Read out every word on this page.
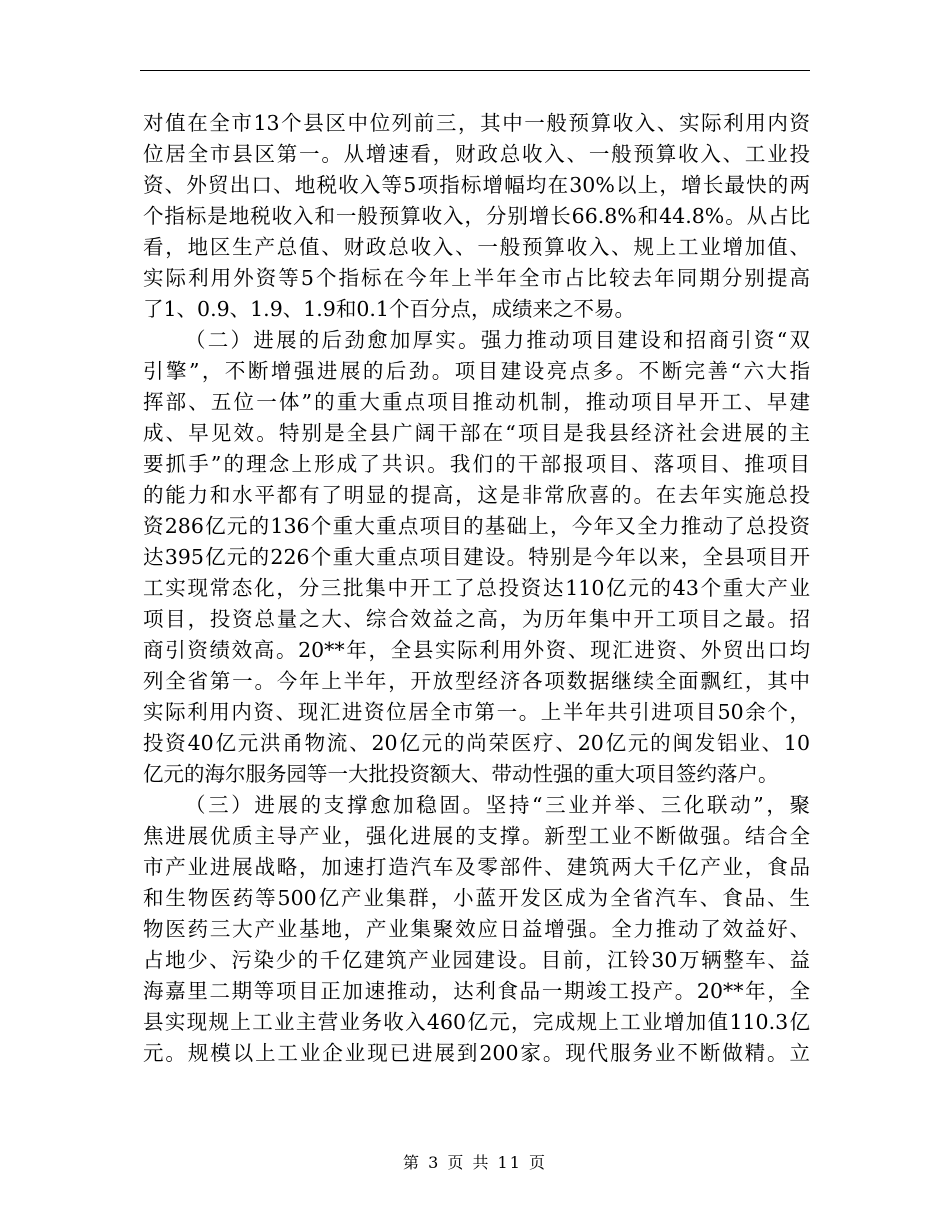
对值在全市13个县区中位列前三，其中一般预算收入、实际利用内资
位居全市县区第一。从增速看，财政总收入、一般预算收入、工业投
资、外贸出口、地税收入等5项指标增幅均在30%以上，增长最快的两
个指标是地税收入和一般预算收入，分别增长66.8%和44.8%。从占比
看，地区生产总值、财政总收入、一般预算收入、规上工业增加值、
实际利用外资等5个指标在今年上半年全市占比较去年同期分别提高
了1、0.9、1.9、1.9和0.1个百分点，成绩来之不易。
（二）进展的后劲愈加厚实。强力推动项目建设和招商引资“双
引擎”，不断增强进展的后劲。项目建设亮点多。不断完善“六大指
挥部、五位一体”的重大重点项目推动机制，推动项目早开工、早建
成、早见效。特别是全县广阔干部在“项目是我县经济社会进展的主
要抓手”的理念上形成了共识。我们的干部报项目、落项目、推项目
的能力和水平都有了明显的提高，这是非常欣喜的。在去年实施总投
资286亿元的136个重大重点项目的基础上，今年又全力推动了总投资
达395亿元的226个重大重点项目建设。特别是今年以来，全县项目开
工实现常态化，分三批集中开工了总投资达110亿元的43个重大产业
项目，投资总量之大、综合效益之高，为历年集中开工项目之最。招
商引资绩效高。20**年，全县实际利用外资、现汇进资、外贸出口均
列全省第一。今年上半年，开放型经济各项数据继续全面飘红，其中
实际利用内资、现汇进资位居全市第一。上半年共引进项目50余个，
投资40亿元洪甬物流、20亿元的尚荣医疗、20亿元的闽发铝业、10
亿元的海尔服务园等一大批投资额大、带动性强的重大项目签约落户。
（三）进展的支撑愈加稳固。坚持“三业并举、三化联动”，聚
焦进展优质主导产业，强化进展的支撑。新型工业不断做强。结合全
市产业进展战略，加速打造汽车及零部件、建筑两大千亿产业，食品
和生物医药等500亿产业集群，小蓝开发区成为全省汽车、食品、生
物医药三大产业基地，产业集聚效应日益增强。全力推动了效益好、
占地少、污染少的千亿建筑产业园建设。目前，江铃30万辆整车、益
海嘉里二期等项目正加速推动，达利食品一期竣工投产。20**年，全
县实现规上工业主营业务收入460亿元，完成规上工业增加值110.3亿
元。规模以上工业企业现已进展到200家。现代服务业不断做精。立
第 3 页 共 11 页
